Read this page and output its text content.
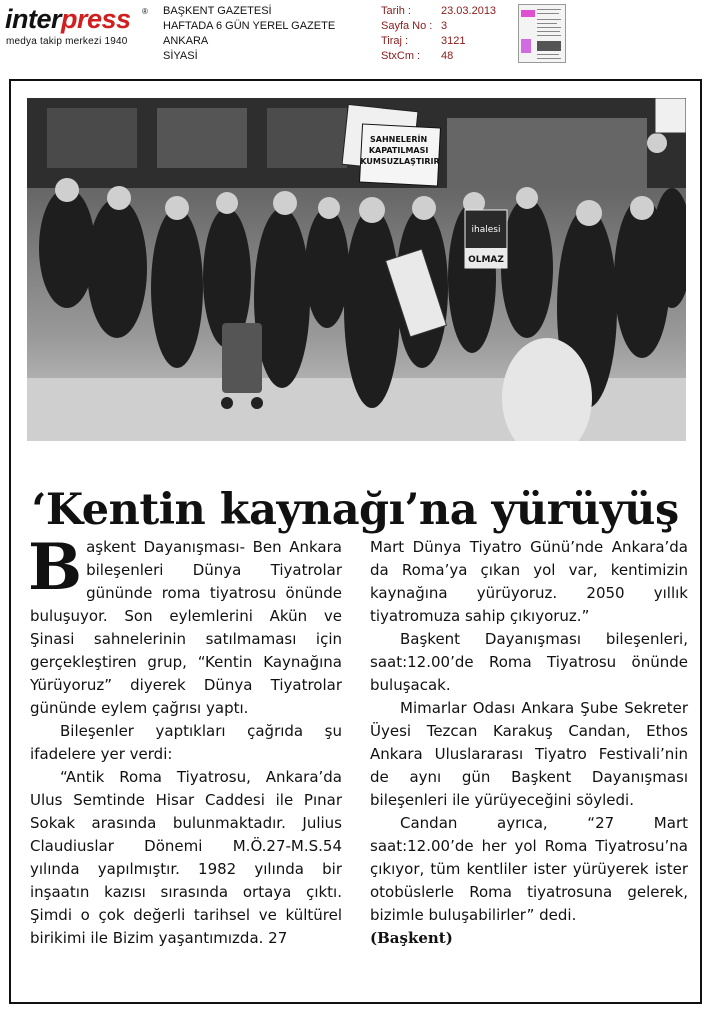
interpress ®
medya takip merkezi 1940
BAŞKENT GAZETESİ
HAFTADA 6 GÜN YEREL GAZETE
ANKARA
SİYASİ
Tarih :
Sayfa No :
Tiraj :
StxCm :
23.03.2013
3
3121
48
SAHNELERİN KAPATILMASI KUMSUZLAŞTIRIR
ihalesi
OLMAZ
‘Kentin kaynağı’na yürüyüş

Başkent Dayanışması- Ben Ankara bileşenleri Dünya Tiyatrolar gününde roma tiyatrosu önünde buluşuyor. Son eylemlerini Akün ve Şinasi sahnelerinin satılmaması için gerçekleştiren grup, “Kentin Kaynağına Yürüyoruz” diyerek Dünya Tiyatrolar gününde eylem çağrısı yaptı.

Bileşenler yaptıkları çağrıda şu ifadelere yer verdi:

“Antik Roma Tiyatrosu, Ankara’da Ulus Semtinde Hisar Caddesi ile Pınar Sokak arasında bulunmaktadır. Julius Claudiuslar Dönemi M.Ö.27-M.S.54 yılında yapılmıştır. 1982 yılında bir inşaatın kazısı sırasında ortaya çıktı. Şimdi o çok değerli tarihsel ve kültürel birikimi ile Bizim yaşantımızda. 27

Mart Dünya Tiyatro Günü’nde Ankara’da da Roma’ya çıkan yol var, kentimizin kaynağına yürüyoruz. 2050 yıllık tiyatromuza sahip çıkıyoruz.”

Başkent Dayanışması bileşenleri, saat:12.00’de Roma Tiyatrosu önünde buluşacak.

Mimarlar Odası Ankara Şube Sekreter Üyesi Tezcan Karakuş Candan, Ethos Ankara Uluslararası Tiyatro Festivali’nin de aynı gün Başkent Dayanışması bileşenleri ile yürüyeceğini söyledi.

Candan ayrıca, “27 Mart saat:12.00’de her yol Roma Tiyatrosu’na çıkıyor, tüm kentliler ister yürüyerek ister otobüslerle Roma tiyatrosuna gelerek, bizimle buluşabilirler” dedi.

(Başkent)
